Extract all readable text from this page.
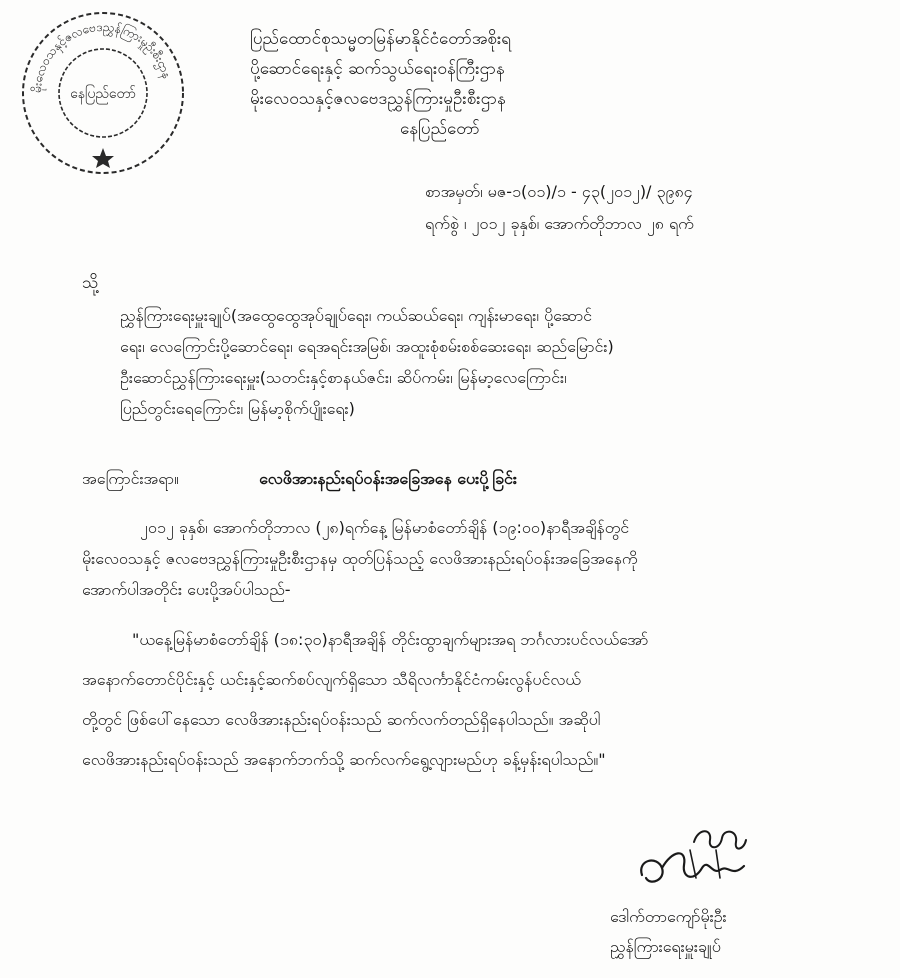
မိုးလေဝသနှင့်ဇလဗေဒညွှန်ကြားမှုဦးစီးဌာန
နေပြည်တော်
ပြည်ထောင်စုသမ္မတမြန်မာနိုင်ငံတော်အစိုးရ
ပို့ဆောင်ရေးနှင့် ဆက်သွယ်ရေးဝန်ကြီးဌာန
မိုးလေဝသနှင့်ဇလဗေဒညွှန်ကြားမှုဦးစီးဌာန
နေပြည်တော်
စာအမှတ်၊ မဇ-၁(၀၁)/၁ - ၄၃(၂၀၁၂)/ ၃၉၈၄
ရက်စွဲ ၊ ၂၀၁၂ ခုနှစ်၊ အောက်တိုဘာလ ၂၈ ရက်
သို့
ညွှန်ကြားရေးမှူးချုပ်(အထွေထွေအုပ်ချုပ်ရေး၊ ကယ်ဆယ်ရေး၊ ကျန်းမာရေး၊ ပို့ဆောင်
ရေး၊ လေကြောင်းပို့ဆောင်ရေး၊ ရေအရင်းအမြစ်၊ အထူးစုံစမ်းစစ်ဆေးရေး၊ ဆည်မြောင်း)
ဦးဆောင်ညွှန်ကြားရေးမှူး(သတင်းနှင့်စာနယ်ဇင်း၊ ဆိပ်ကမ်း၊ မြန်မာ့လေကြောင်း၊
ပြည်တွင်းရေကြောင်း၊ မြန်မာ့စိုက်ပျိုးရေး)
အကြောင်းအရာ။	လေဖိအားနည်းရပ်ဝန်းအခြေအနေ ပေးပို့ခြင်း
၂၀၁၂ ခုနှစ်၊ အောက်တိုဘာလ (၂၈)ရက်နေ့ မြန်မာစံတော်ချိန် (၁၉:၀၀)နာရီအချိန်တွင်
မိုးလေဝသနှင့် ဇလဗေဒညွှန်ကြားမှုဦးစီးဌာနမှ ထုတ်ပြန်သည့် လေဖိအားနည်းရပ်ဝန်းအခြေအနေကို
အောက်ပါအတိုင်း ပေးပို့အပ်ပါသည်-
"ယနေ့မြန်မာစံတော်ချိန် (၁၈:၃၀)နာရီအချိန် တိုင်းထွာချက်များအရ ဘင်္ဂလားပင်လယ်အော်
အနောက်တောင်ပိုင်းနှင့် ယင်းနှင့်ဆက်စပ်လျက်ရှိသော သီရိလင်္ကာနိုင်ငံကမ်းလွန်ပင်လယ်
တို့တွင် ဖြစ်ပေါ်နေသော လေဖိအားနည်းရပ်ဝန်းသည် ဆက်လက်တည်ရှိနေပါသည်။ အဆိုပါ
လေဖိအားနည်းရပ်ဝန်းသည် အနောက်ဘက်သို့ ဆက်လက်ရွေ့လျားမည်ဟု ခန့်မှန်းရပါသည်။"
ဒေါက်တာကျော်မိုးဦး
ညွှန်ကြားရေးမှူးချုပ်
